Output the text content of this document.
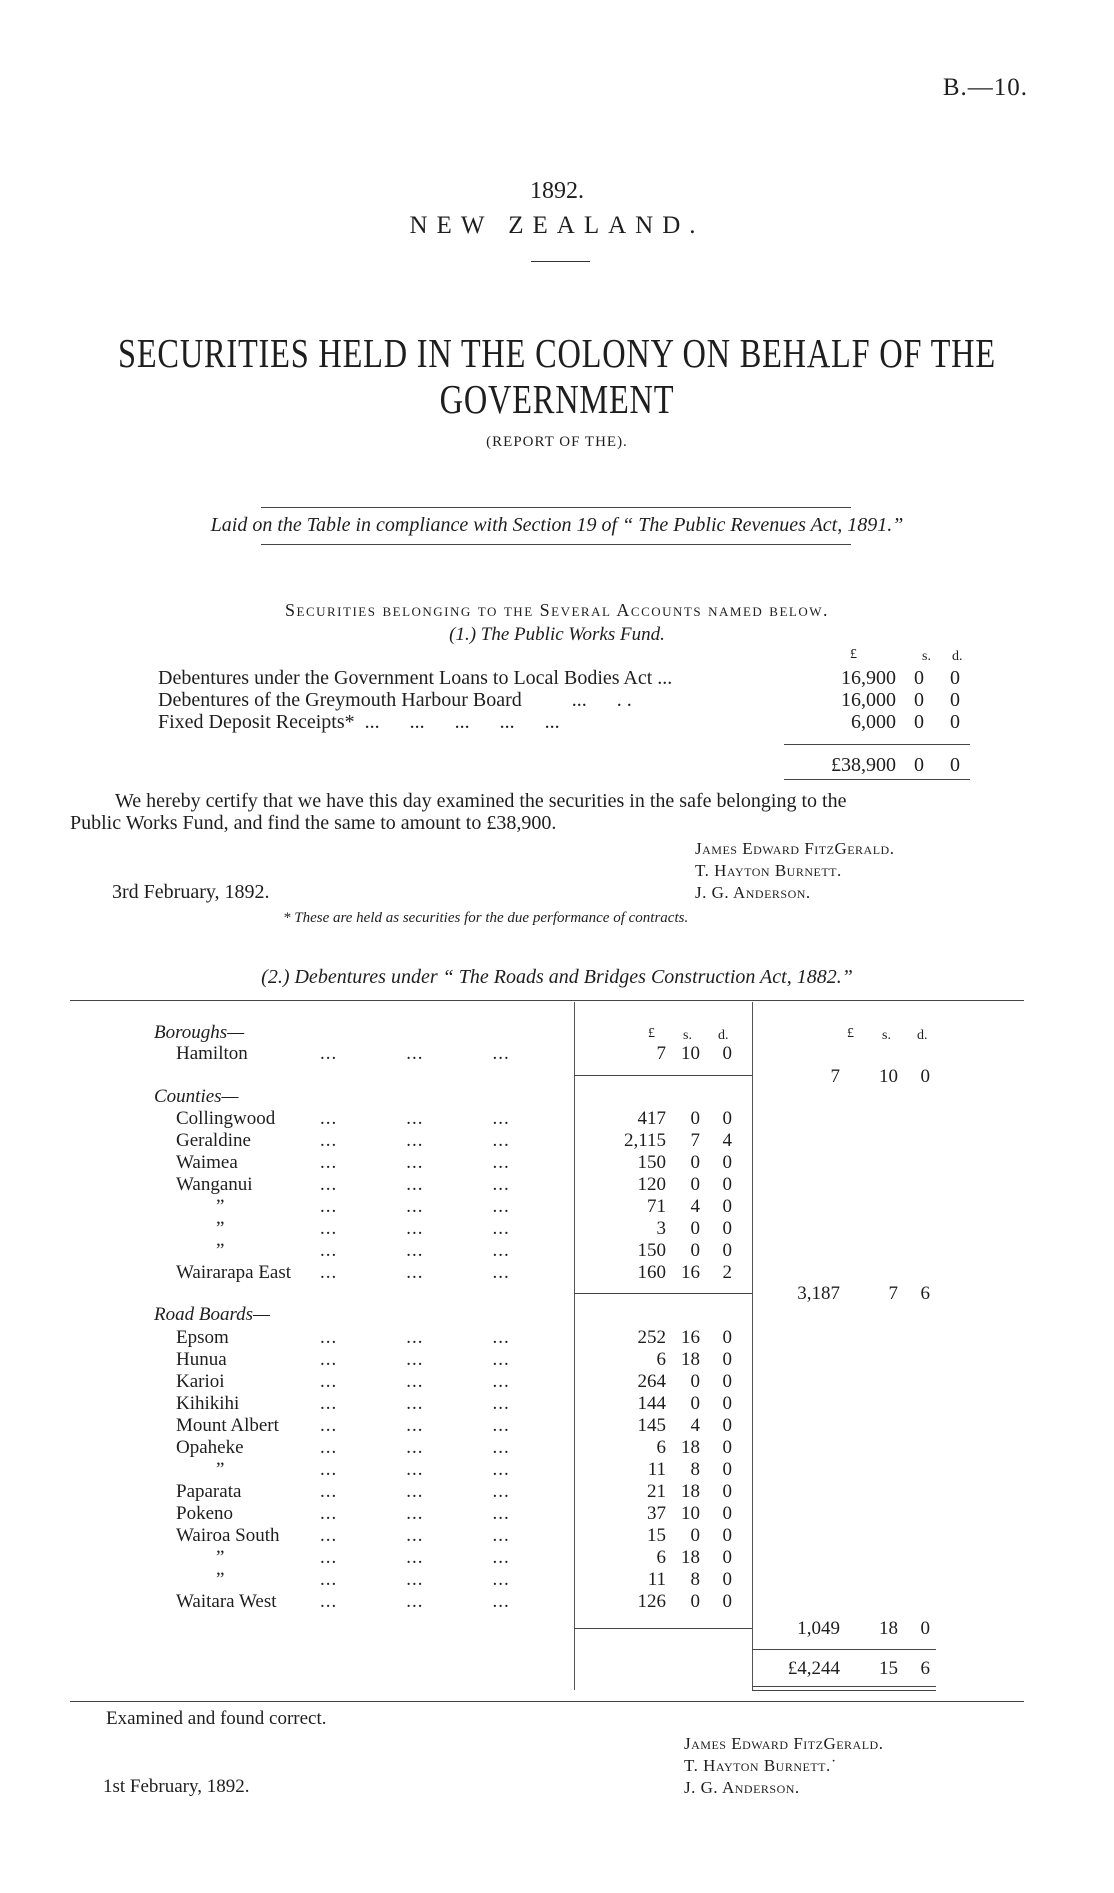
B.—10.
1892.
NEW ZEALAND.
SECURITIES HELD IN THE COLONY ON BEHALF OF THE
GOVERNMENT
(REPORT OF THE).
Laid on the Table in compliance with Section 19 of “ The Public Revenues Act, 1891.”
Securities belonging to the Several Accounts named below.
(1.) The Public Works Fund.
£	s. d.
Debentures under the Government Loans to Local Bodies Act ...	16,900 0 0
Debentures of the Greymouth Harbour Board          ...      . .	16,000 0 0
Fixed Deposit Receipts*  ...      ...      ...      ...      ...	6,000 0 0
£38,900 0 0
We hereby certify that we have this day examined the securities in the safe belonging to the
Public Works Fund, and find the same to amount to £38,900.
James Edward FitzGerald.
T. Hayton Burnett.
J. G. Anderson.
3rd February, 1892.
* These are held as securities for the due performance of contracts.
(2.) Debentures under “ The Roads and Bridges Construction Act, 1882.”
£ s. d.	£ s. d.
Boroughs—
Hamilton	...            ...            ...	7 10	0
7	10	0
Counties—
Collingwood ...            ...            ...	417	0	0
Geraldine	...            ...            ...	2,115	7	4
Waimea	...            ...            ...	150	0	0
Wanganui	...            ...            ...	120	0	0
”	...            ...            ...	71	4	0
”	...            ...            ...	3	0	0
”	...            ...            ...	150	0	0
Wairarapa East ...            ...            ...	160 16	2
3,187	7	6
Road Boards—
Epsom	...            ...            ...	252 16	0
Hunua	...            ...            ...	6 18	0
Karioi	...            ...            ...	264	0	0
Kihikihi	...            ...            ...	144	0	0
Mount Albert ...            ...            ...	145	4	0
Opaheke	...            ...            ...	6 18	0
”	...            ...            ...	11	8	0
Paparata	...            ...            ...	21 18	0
Pokeno	...            ...            ...	37 10	0
Wairoa South ...            ...            ...	15	0	0
”	...            ...            ...	6 18	0
”	...            ...            ...	11	8	0
Waitara West ...            ...            ...	126	0	0
1,049	18	0
£4,244	15	6
Examined and found correct.
James Edward FitzGerald.
T. Hayton Burnett.˙
J. G. Anderson.
1st February, 1892.
